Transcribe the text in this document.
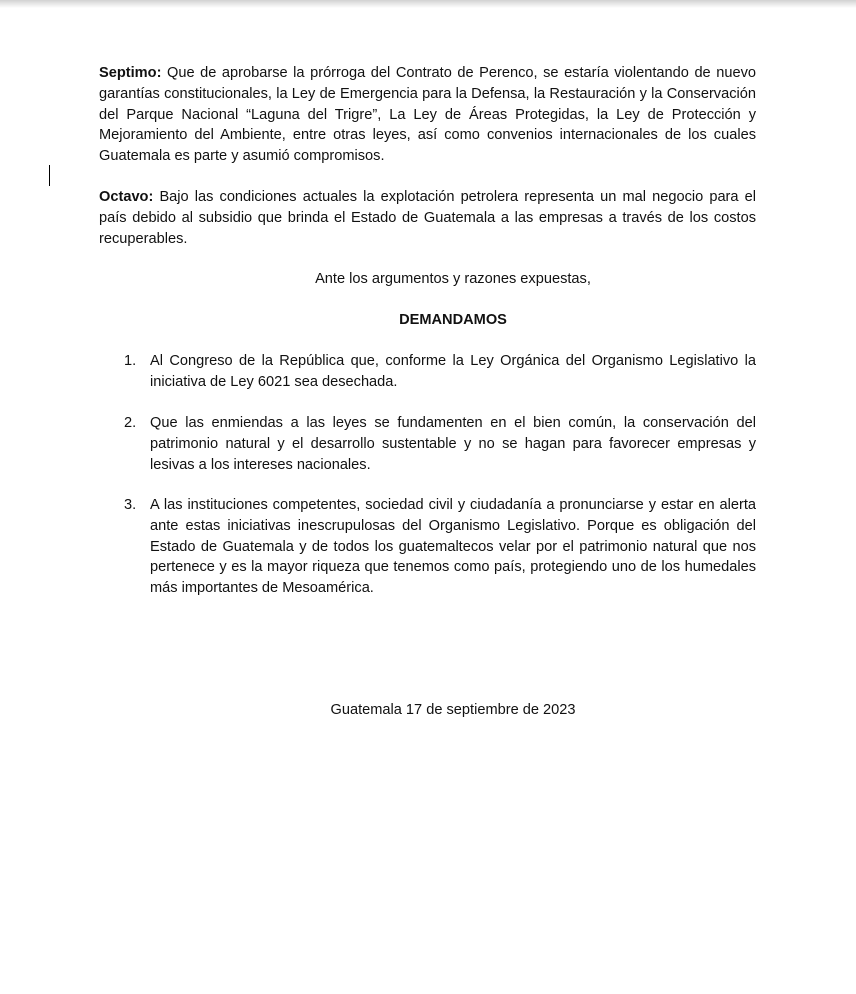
Septimo: Que de aprobarse la prórroga del Contrato de Perenco, se estaría violentando de nuevo garantías constitucionales, la Ley de Emergencia para la Defensa, la Restauración y la Conservación del Parque Nacional “Laguna del Trigre”, La Ley de Áreas Protegidas, la Ley de Protección y Mejoramiento del Ambiente, entre otras leyes, así como convenios internacionales de los cuales Guatemala es parte y asumió compromisos.

Octavo: Bajo las condiciones actuales la explotación petrolera representa un mal negocio para el país debido al subsidio que brinda el Estado de Guatemala a las empresas a través de los costos recuperables.

Ante los argumentos y razones expuestas,

DEMANDAMOS

1. Al Congreso de la República que, conforme la Ley Orgánica del Organismo Legislativo la iniciativa de Ley 6021 sea desechada.

2. Que las enmiendas a las leyes se fundamenten en el bien común, la conservación del patrimonio natural y el desarrollo sustentable y no se hagan para favorecer empresas y lesivas a los intereses nacionales.

3. A las instituciones competentes, sociedad civil y ciudadanía a pronunciarse y estar en alerta ante estas iniciativas inescrupulosas del Organismo Legislativo. Porque es obligación del Estado de Guatemala y de todos los guatemaltecos velar por el patrimonio natural que nos pertenece y es la mayor riqueza que tenemos como país, protegiendo uno de los humedales más importantes de Mesoamérica.

Guatemala 17 de septiembre de 2023
